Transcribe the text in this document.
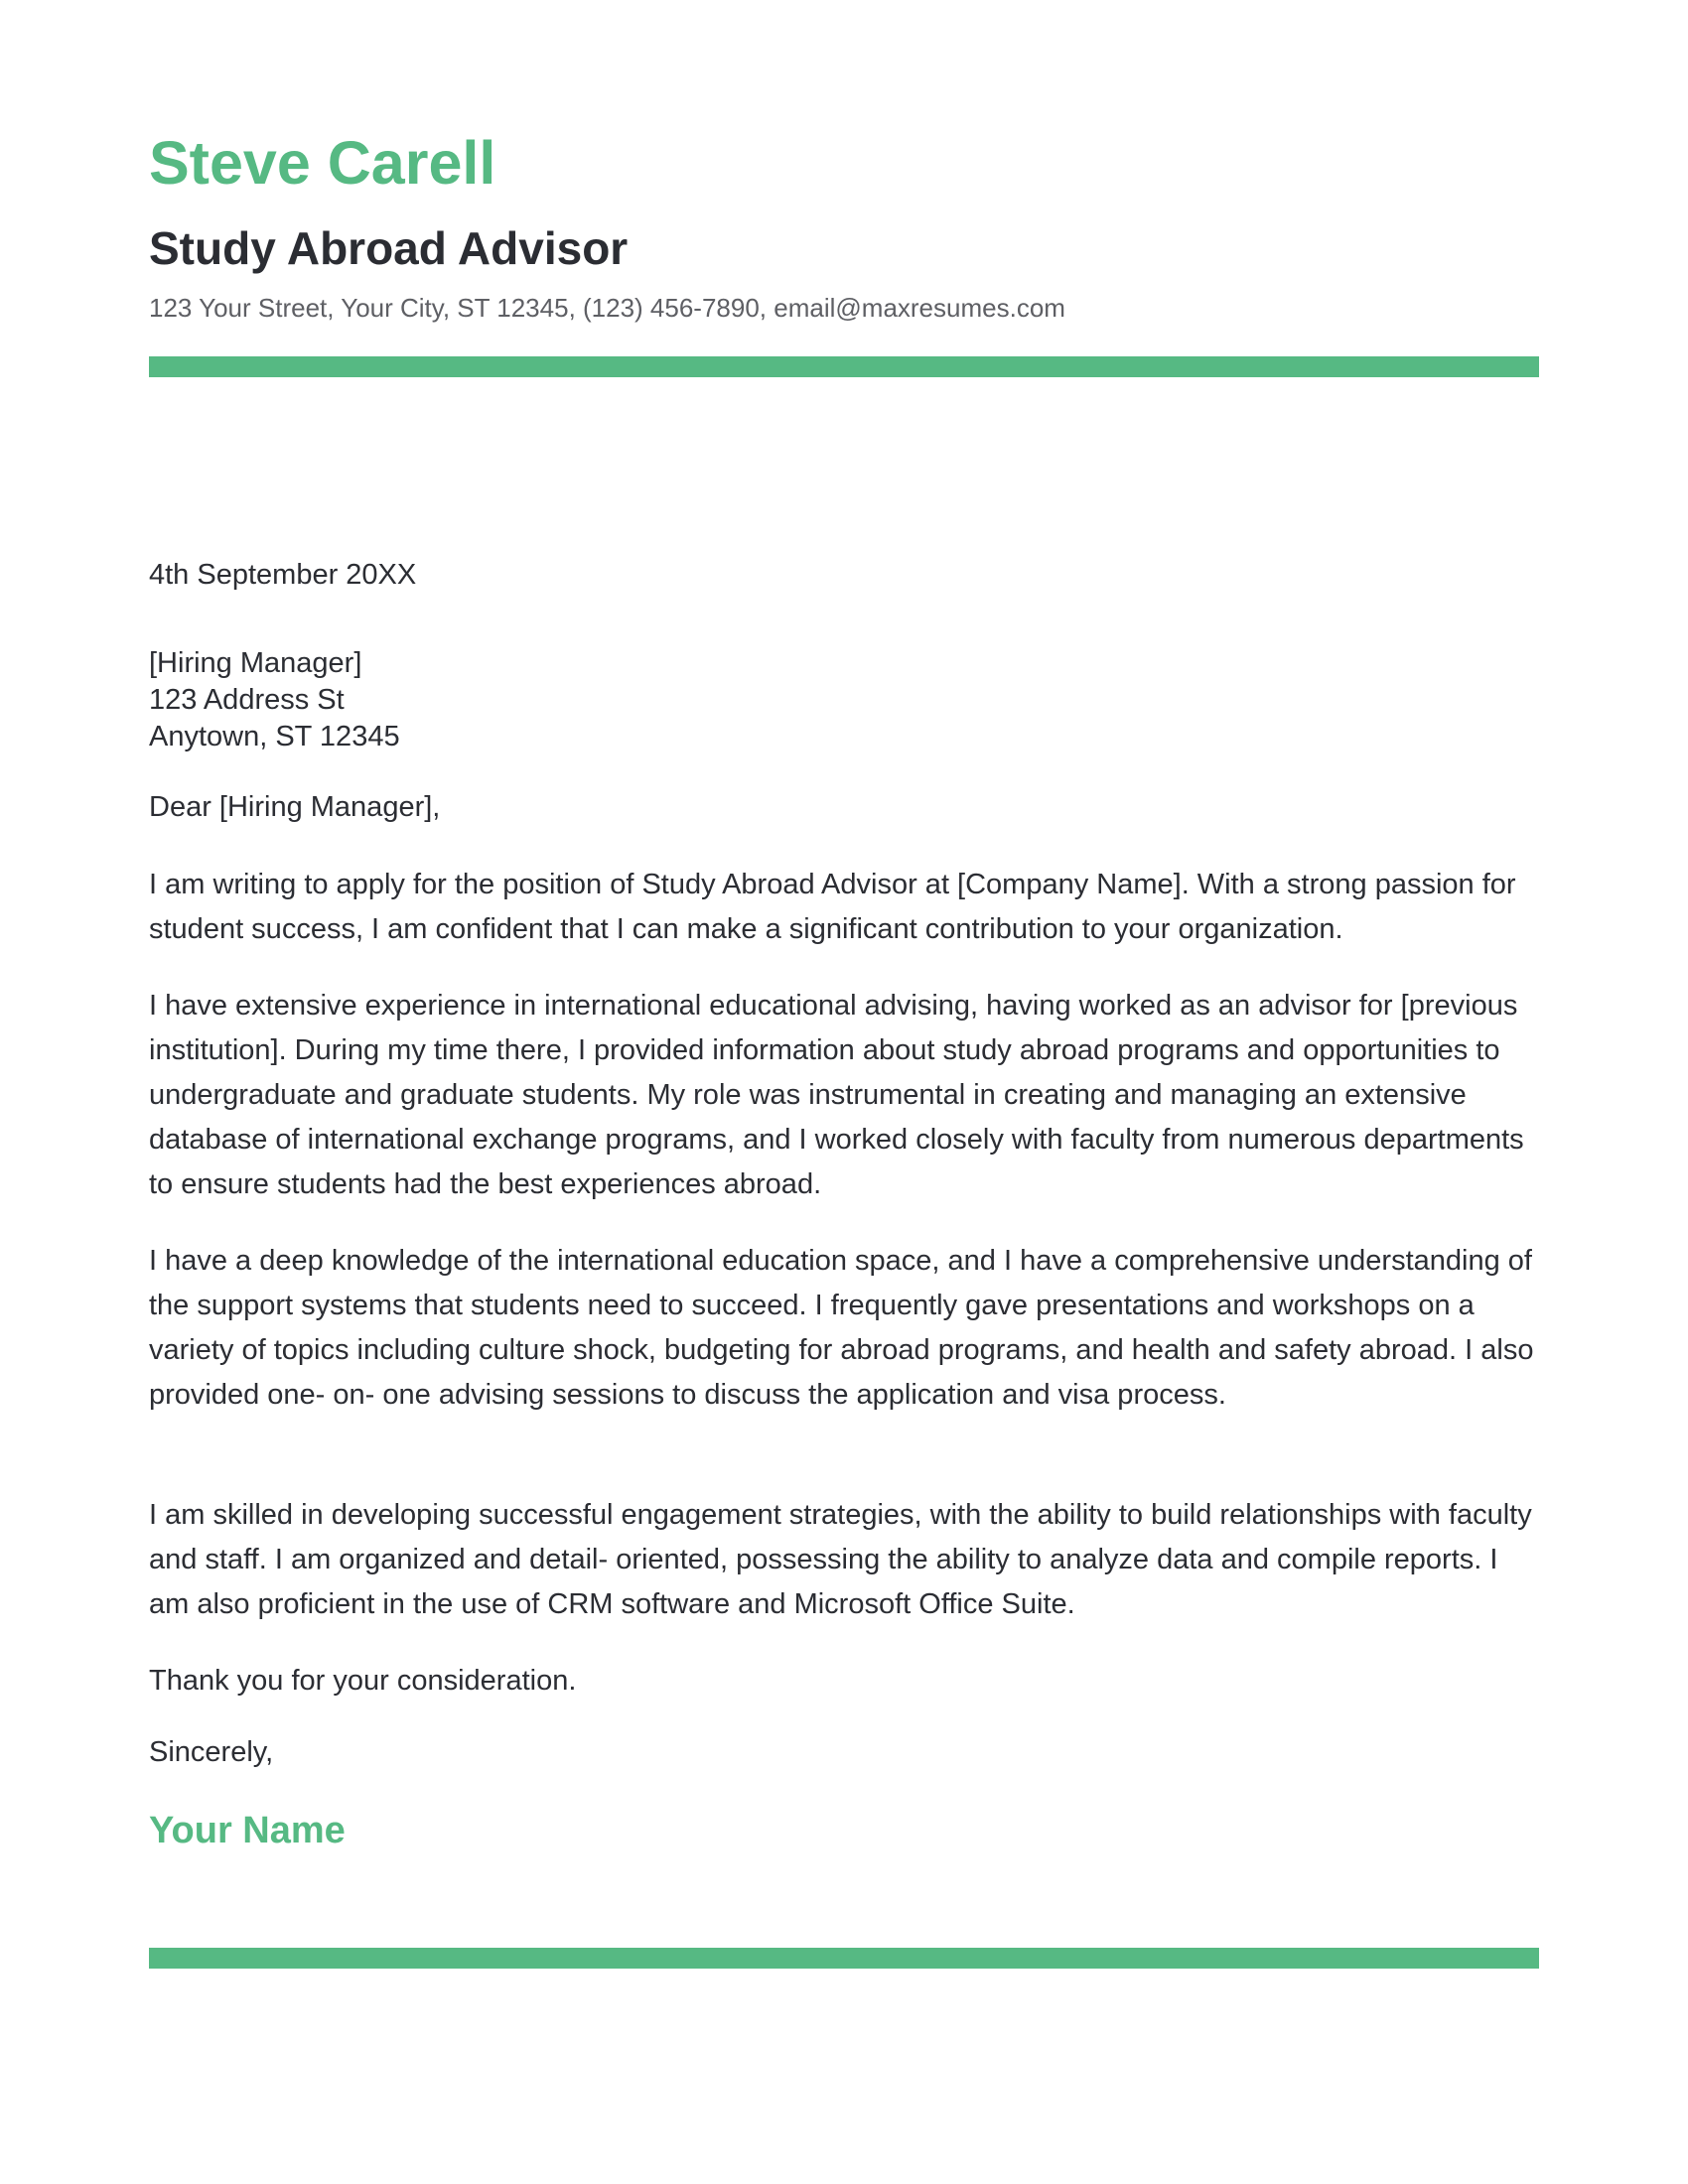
Steve Carell
Study Abroad Advisor

123 Your Street, Your City, ST 12345, (123) 456-7890, email@maxresumes.com

4th September 20XX

[Hiring Manager]
123 Address St
Anytown, ST 12345

Dear [Hiring Manager],

I am writing to apply for the position of Study Abroad Advisor at [Company Name]. With a strong passion for student success, I am confident that I can make a significant contribution to your organization.

I have extensive experience in international educational advising, having worked as an advisor for [previous institution]. During my time there, I provided information about study abroad programs and opportunities to undergraduate and graduate students. My role was instrumental in creating and managing an extensive database of international exchange programs, and I worked closely with faculty from numerous departments to ensure students had the best experiences abroad.

I have a deep knowledge of the international education space, and I have a comprehensive understanding of the support systems that students need to succeed. I frequently gave presentations and workshops on a variety of topics including culture shock, budgeting for abroad programs, and health and safety abroad. I also provided one- on- one advising sessions to discuss the application and visa process.

I am skilled in developing successful engagement strategies, with the ability to build relationships with faculty and staff. I am organized and detail- oriented, possessing the ability to analyze data and compile reports. I am also proficient in the use of CRM software and Microsoft Office Suite.

Thank you for your consideration.

Sincerely,

Your Name
